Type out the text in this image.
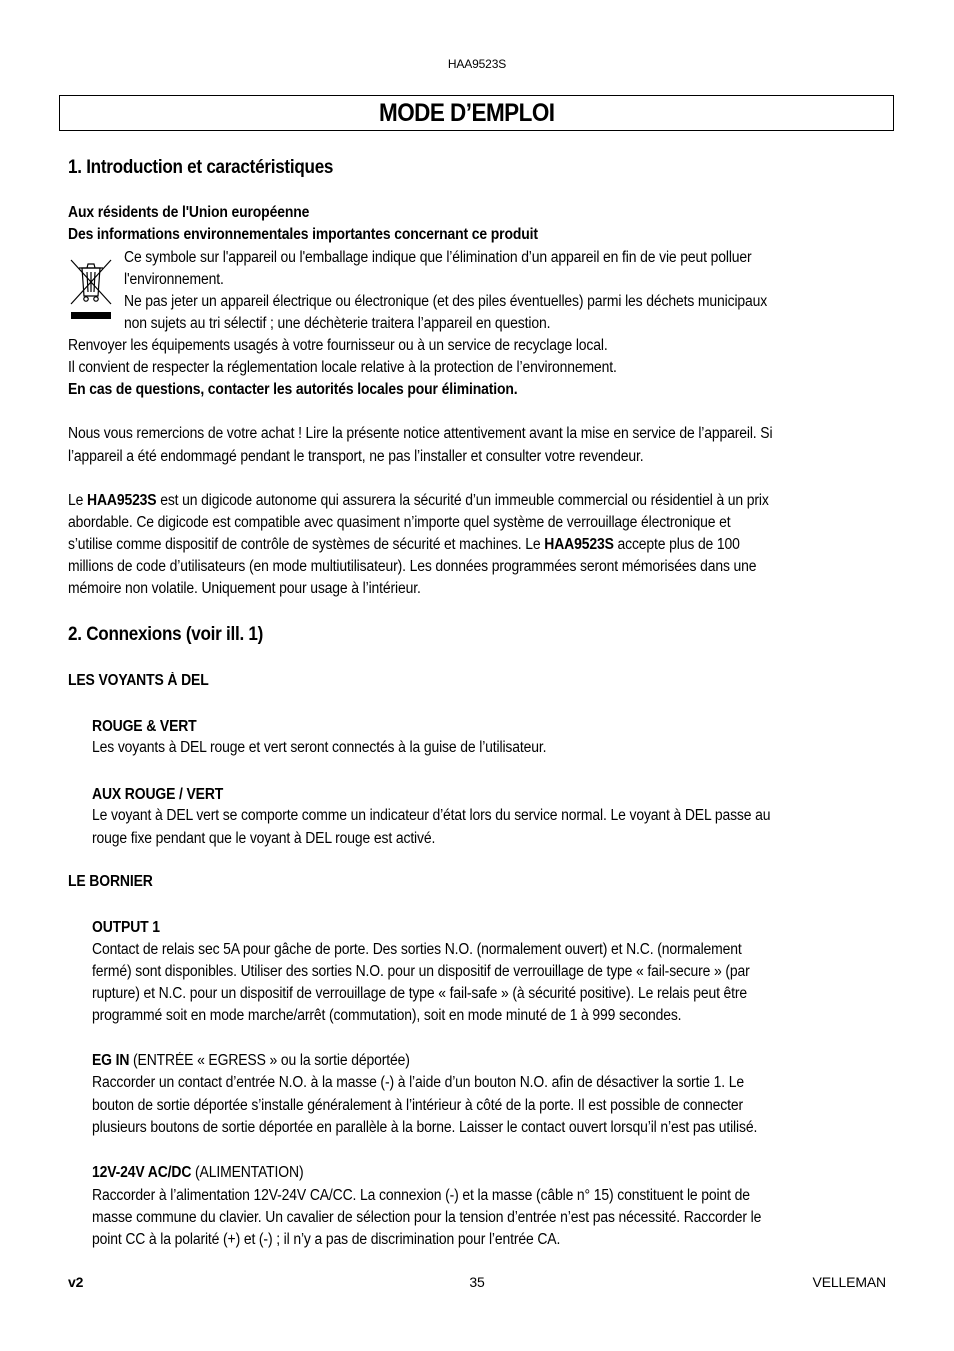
HAA9523S
MODE D’EMPLOI
1. Introduction et caractéristiques
Aux résidents de l'Union européenne
Des informations environnementales importantes concernant ce produit
Ce symbole sur l'appareil ou l'emballage indique que l’élimination d’un appareil en fin de vie peut polluer
l'environnement.
Ne pas jeter un appareil électrique ou électronique (et des piles éventuelles) parmi les déchets municipaux
non sujets au tri sélectif ; une déchèterie traitera l’appareil en question.
Renvoyer les équipements usagés à votre fournisseur ou à un service de recyclage local.
Il convient de respecter la réglementation locale relative à la protection de l’environnement.
En cas de questions, contacter les autorités locales pour élimination.
Nous vous remercions de votre achat ! Lire la présente notice attentivement avant la mise en service de l’appareil. Si
l’appareil a été endommagé pendant le transport, ne pas l’installer et consulter votre revendeur.
Le HAA9523S est un digicode autonome qui assurera la sécurité d’un immeuble commercial ou résidentiel à un prix
abordable. Ce digicode est compatible avec quasiment n’importe quel système de verrouillage électronique et
s’utilise comme dispositif de contrôle de systèmes de sécurité et machines. Le HAA9523S accepte plus de 100
millions de code d’utilisateurs (en mode multiutilisateur). Les données programmées seront mémorisées dans une
mémoire non volatile. Uniquement pour usage à l’intérieur.
2. Connexions (voir ill. 1)
LES VOYANTS À DEL
ROUGE & VERT
Les voyants à DEL rouge et vert seront connectés à la guise de l’utilisateur.
AUX ROUGE / VERT
Le voyant à DEL vert se comporte comme un indicateur d’état lors du service normal. Le voyant à DEL passe au
rouge fixe pendant que le voyant à DEL rouge est activé.
LE BORNIER
OUTPUT 1
Contact de relais sec 5A pour gâche de porte. Des sorties N.O. (normalement ouvert) et N.C. (normalement
fermé) sont disponibles. Utiliser des sorties N.O. pour un dispositif de verrouillage de type « fail-secure » (par
rupture) et N.C. pour un dispositif de verrouillage de type « fail-safe » (à sécurité positive). Le relais peut être
programmé soit en mode marche/arrêt (commutation), soit en mode minuté de 1 à 999 secondes.
EG IN (ENTRÉE « EGRESS » ou la sortie déportée)
Raccorder un contact d’entrée N.O. à la masse (-) à l’aide d’un bouton N.O. afin de désactiver la sortie 1. Le
bouton de sortie déportée s’installe généralement à l’intérieur à côté de la porte. Il est possible de connecter
plusieurs boutons de sortie déportée en parallèle à la borne. Laisser le contact ouvert lorsqu’il n’est pas utilisé.
12V-24V AC/DC (ALIMENTATION)
Raccorder à l’alimentation 12V-24V CA/CC. La connexion (-) et la masse (câble n° 15) constituent le point de
masse commune du clavier. Un cavalier de sélection pour la tension d’entrée n’est pas nécessité. Raccorder le
point CC à la polarité (+) et (-) ; il n’y a pas de discrimination pour l’entrée CA.
v2	35	VELLEMAN
